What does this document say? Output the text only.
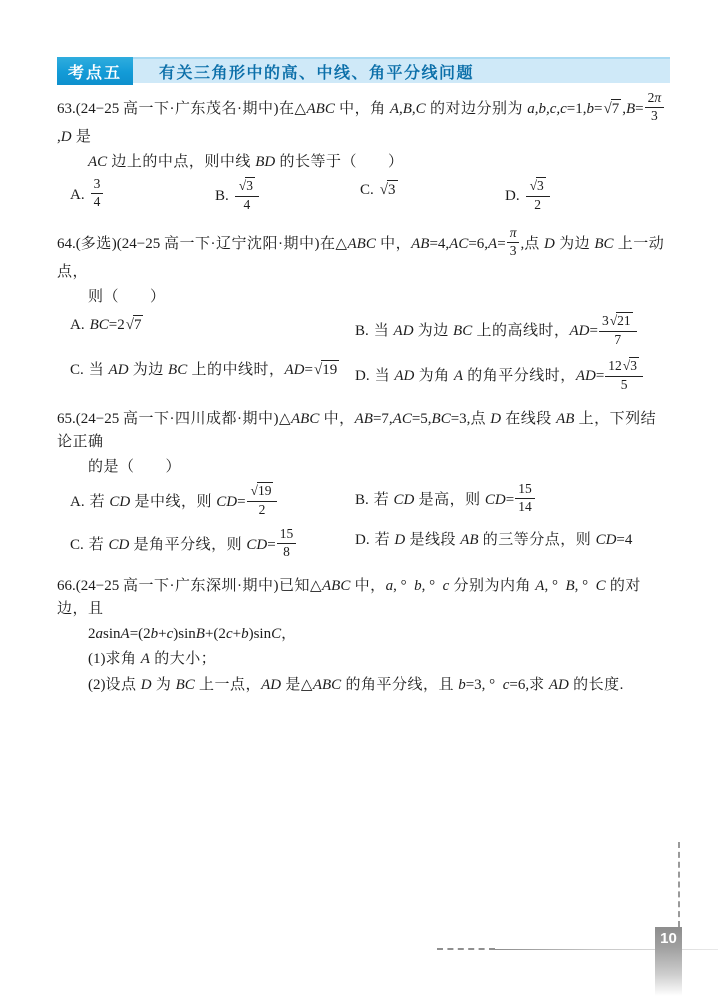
考点五	有关三角形中的高、中线、角平分线问题
63.(24−25 高一下·广东茂名·期中)在△ABC 中，角 A,B,C 的对边分别为 a,b,c,c=1,b=√7 $,B= \frac{2\pi}{3}$
,D 是
AC 边上的中点，则中线 BD 的长等于（　　）
A. $\frac{3}{4}$	B. $\frac{√3}{4}$	C. √3	D. $\frac{√3}{2}$
64.(多选)(24−25 高一下·辽宁沈阳·期中)在△ABC 中，$AB=4,AC=6,A= \frac{\pi}{3}$ ,点 D 为边 BC 上一动点，
则（　　）
A. BC=2√7	B. 当 AD 为边 BC 上的高线时，$AD= \frac{3√21}{7}$
C. 当 AD 为边 BC 上的中线时，AD=√19	D. 当 AD 为角 A 的角平分线时，$AD= \frac{12√3}{5}$
65.(24−25 高一下·四川成都·期中)△ABC 中，AB=7,AC=5,BC=3,点 D 在线段 AB 上，下列结论正确
的是（　　）
A. 若 CD 是中线，则 $CD= \frac{√19}{2}$	B. 若 CD 是高，则 $CD= \frac{15}{14}$
C. 若 CD 是角平分线，则 $CD= \frac{15}{8}$	D. 若 D 是线段 AB 的三等分点，则 CD=4
66.(24−25 高一下·广东深圳·期中)已知△ABC 中，a, °  b, °  c 分别为内角 A, °  B, °  C 的对边，且
2asinA=(2b+c)sinB+(2c+b)sinC，
(1)求角 A 的大小；
(2)设点 D 为 BC 上一点，AD 是△ABC 的角平分线，且 b=3, °  c=6,求 AD 的长度.
10
